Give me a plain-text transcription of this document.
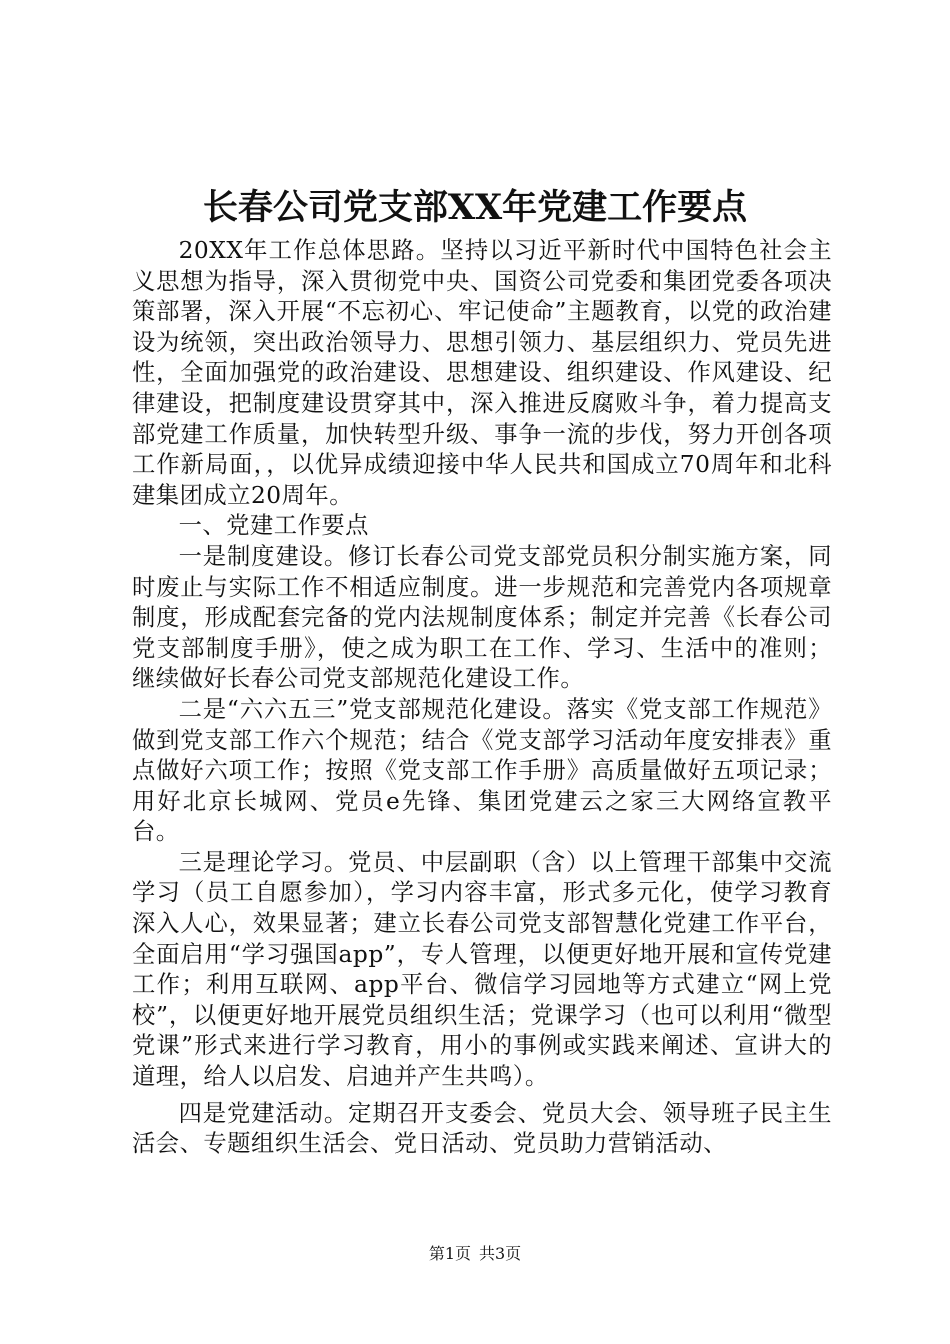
长春公司党支部XX年党建工作要点

20XX年工作总体思路。坚持以习近平新时代中国特色社会主义思想为指导，深入贯彻党中央、国资公司党委和集团党委各项决策部署，深入开展“不忘初心、牢记使命”主题教育，以党的政治建设为统领，突出政治领导力、思想引领力、基层组织力、党员先进性，全面加强党的政治建设、思想建设、组织建设、作风建设、纪律建设，把制度建设贯穿其中，深入推进反腐败斗争，着力提高支部党建工作质量，加快转型升级、事争一流的步伐，努力开创各项工作新局面，，以优异成绩迎接中华人民共和国成立70周年和北科建集团成立20周年。

一、党建工作要点

一是制度建设。修订长春公司党支部党员积分制实施方案，同时废止与实际工作不相适应制度。进一步规范和完善党内各项规章制度，形成配套完备的党内法规制度体系；制定并完善《长春公司党支部制度手册》，使之成为职工在工作、学习、生活中的准则；继续做好长春公司党支部规范化建设工作。

二是“六六五三”党支部规范化建设。落实《党支部工作规范》做到党支部工作六个规范；结合《党支部学习活动年度安排表》重点做好六项工作；按照《党支部工作手册》高质量做好五项记录；用好北京长城网、党员e先锋、集团党建云之家三大网络宣教平台。

三是理论学习。党员、中层副职（含）以上管理干部集中交流学习（员工自愿参加），学习内容丰富，形式多元化，使学习教育深入人心，效果显著；建立长春公司党支部智慧化党建工作平台，全面启用“学习强国app”，专人管理，以便更好地开展和宣传党建工作；利用互联网、app平台、微信学习园地等方式建立“网上党校”，以便更好地开展党员组织生活；党课学习（也可以利用“微型党课”形式来进行学习教育，用小的事例或实践来阐述、宣讲大的道理，给人以启发、启迪并产生共鸣）。

四是党建活动。定期召开支委会、党员大会、领导班子民主生活会、专题组织生活会、党日活动、党员助力营销活动、

第1页 共3页
